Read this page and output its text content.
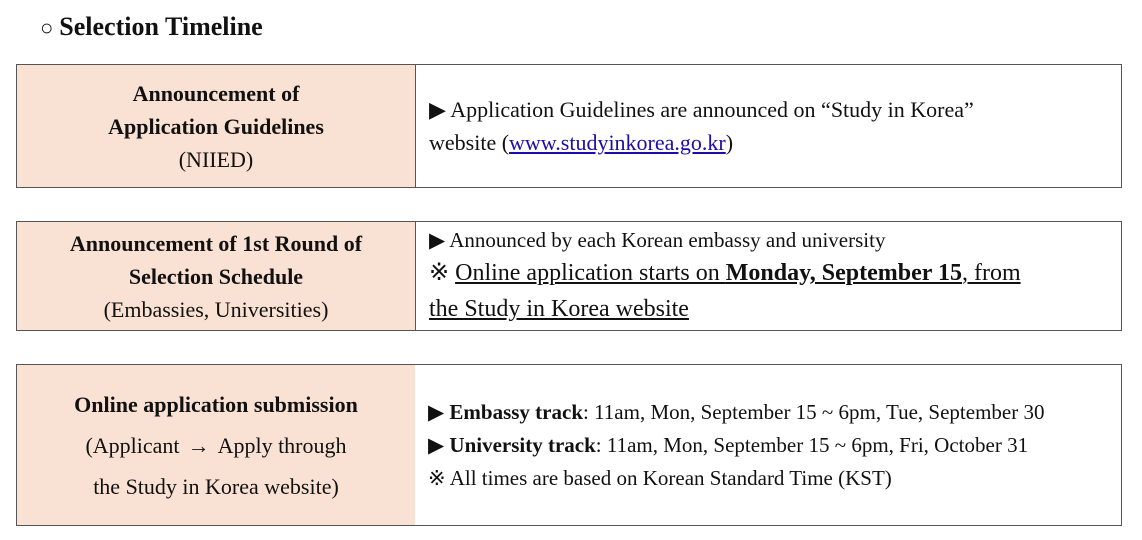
○ Selection Timeline
Announcement of
Application Guidelines
(NIIED)
▶ Application Guidelines are announced on “Study in Korea”
website (www.studyinkorea.go.kr)
Announcement of 1st Round of
Selection Schedule
(Embassies, Universities)
▶ Announced by each Korean embassy and university
※ Online application starts on Monday, September 15, from
the Study in Korea website
Online application submission
(Applicant → Apply through
the Study in Korea website)
▶ Embassy track: 11am, Mon, September 15 ~ 6pm, Tue, September 30
▶ University track: 11am, Mon, September 15 ~ 6pm, Fri, October 31
※ All times are based on Korean Standard Time (KST)
